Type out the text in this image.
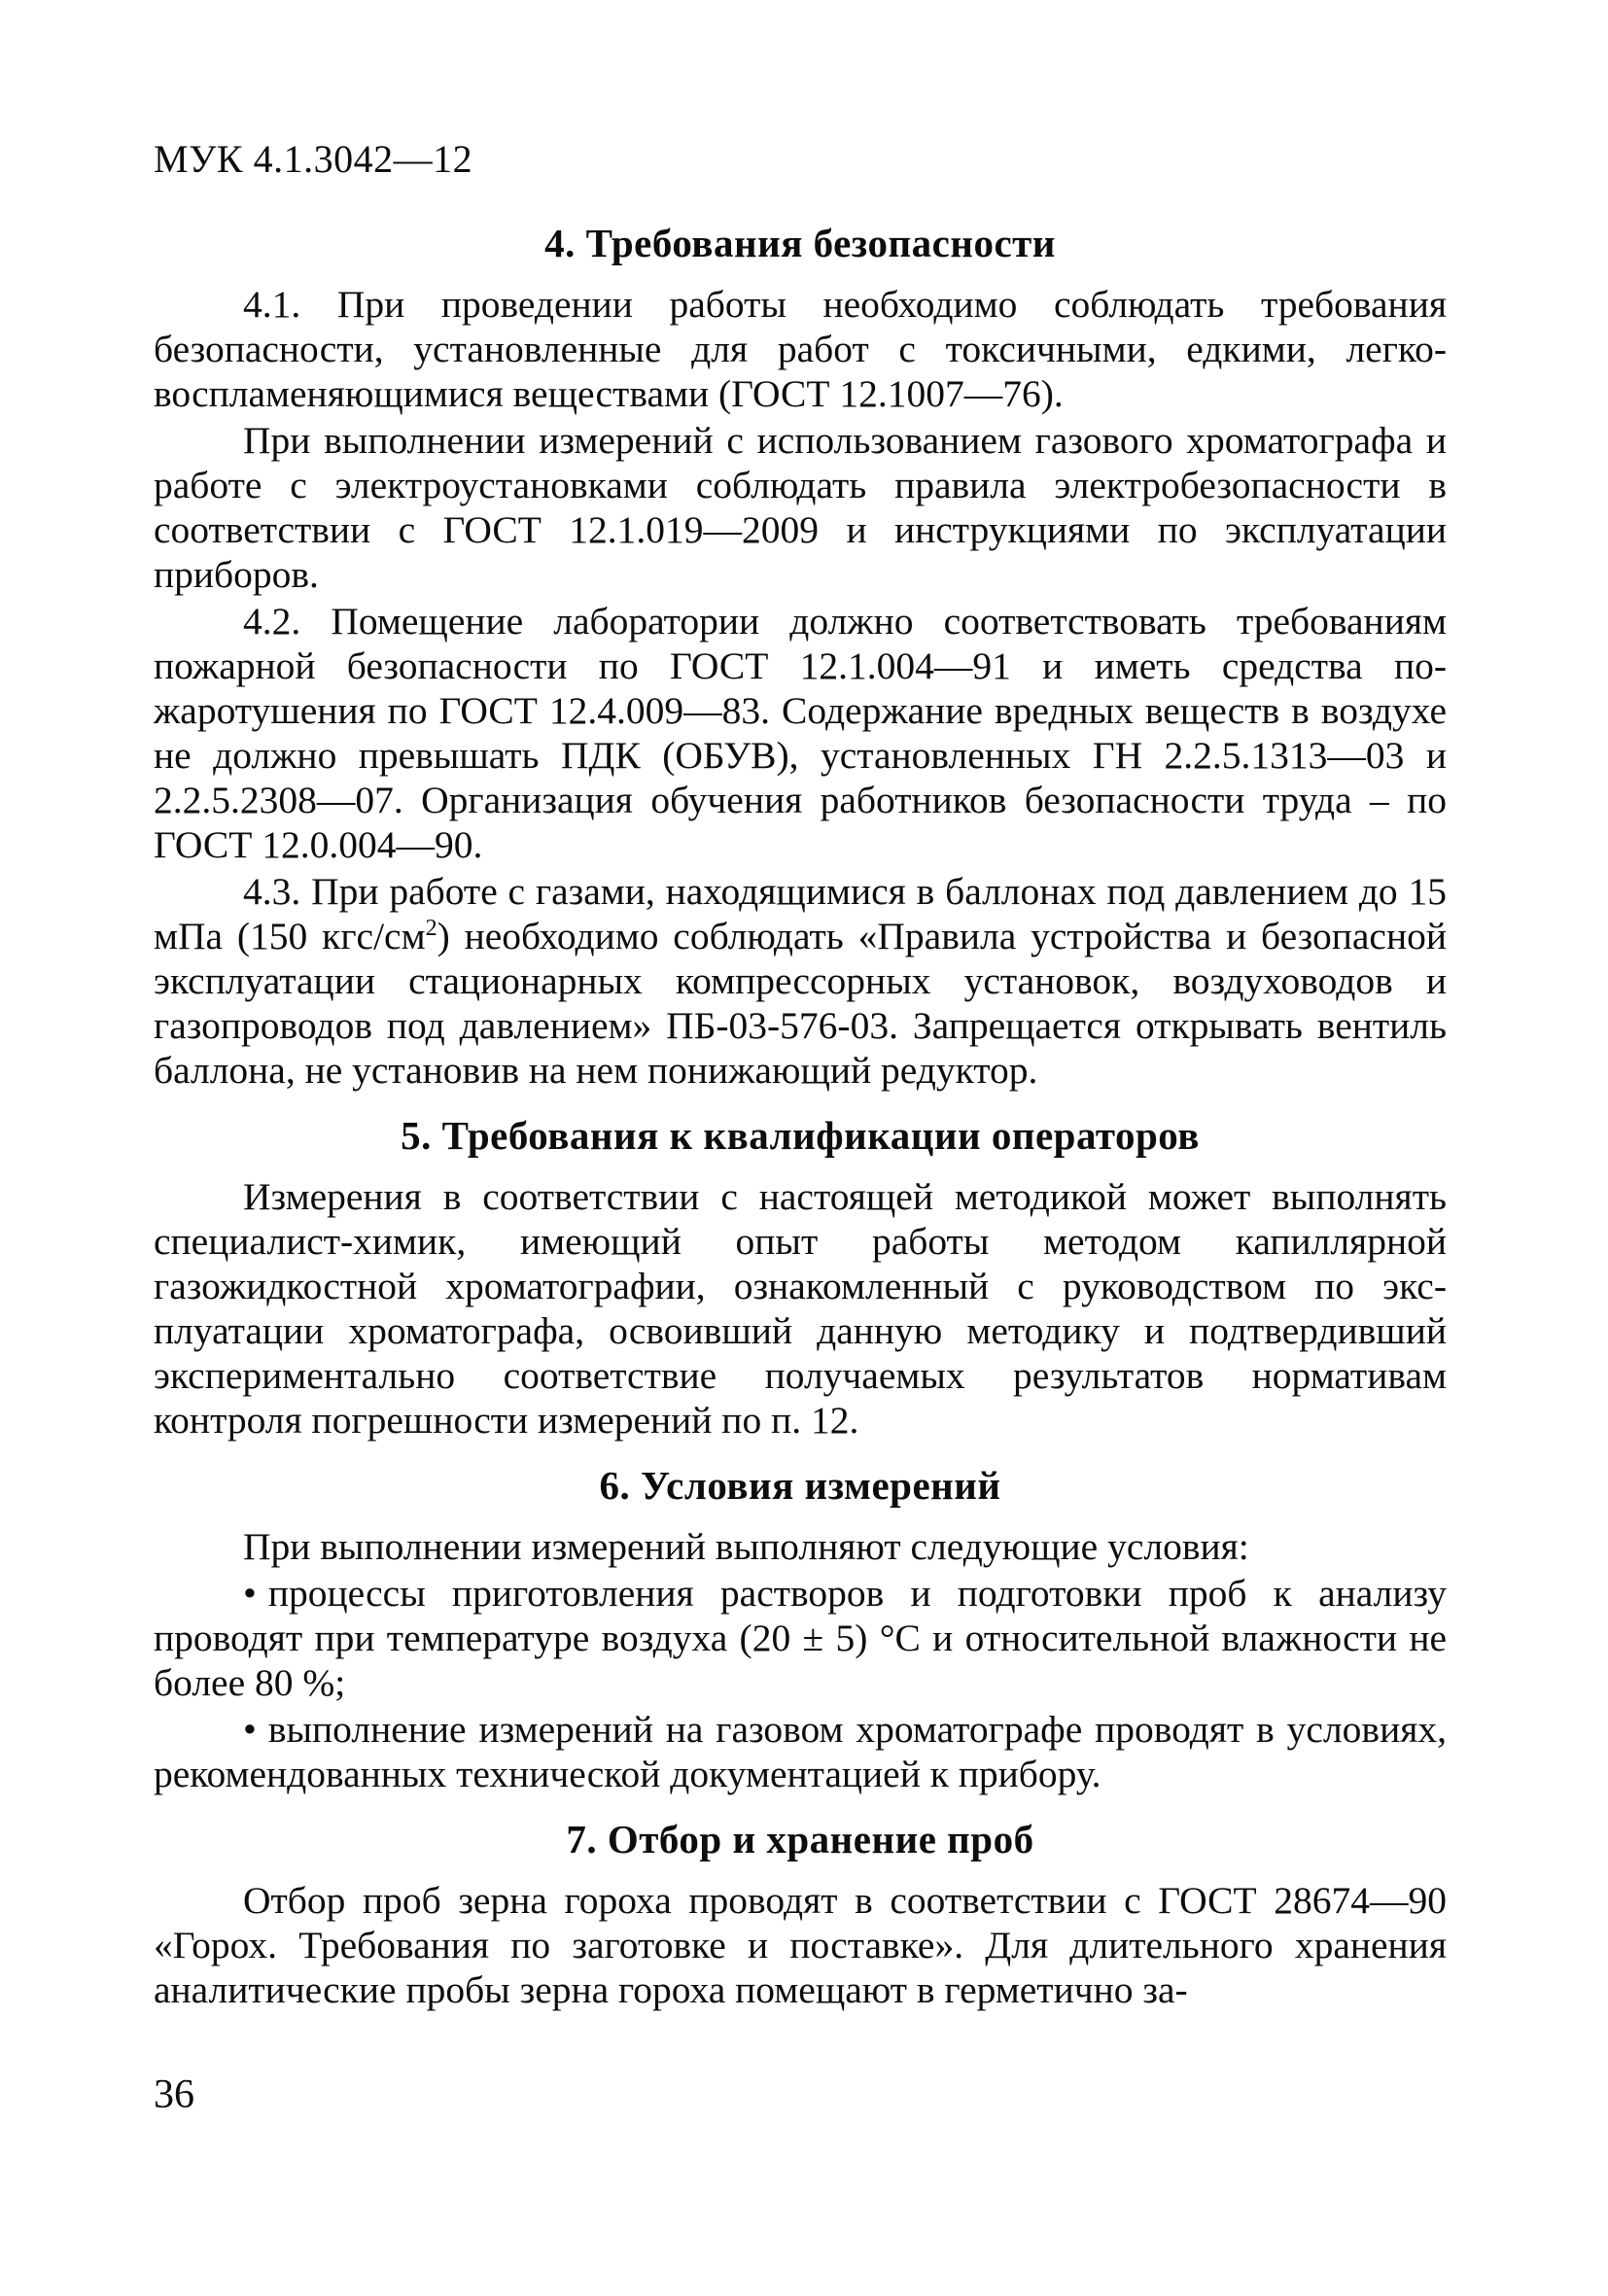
МУК 4.1.3042—12
4. Требования безопасности

4.1. При проведении работы необходимо соблюдать требования безопасности, установленные для работ с токсичными, едкими, легковоспламеняющимися веществами (ГОСТ 12.1007—76).

При выполнении измерений с использованием газового хроматографа и работе с электроустановками соблюдать правила электробезопасности в соответствии с ГОСТ 12.1.019—2009 и инструкциями по эксплуатации приборов.

4.2. Помещение лаборатории должно соответствовать требованиям пожарной безопасности по ГОСТ 12.1.004—91 и иметь средства пожаротушения по ГОСТ 12.4.009—83. Содержание вредных веществ в воздухе не должно превышать ПДК (ОБУВ), установленных ГН 2.2.5.1313—03 и 2.2.5.2308—07. Организация обучения работников безопасности труда – по ГОСТ 12.0.004—90.

4.3. При работе с газами, находящимися в баллонах под давлением до 15 мПа (150 кгс/$см^2$) необходимо соблюдать «Правила устройства и безопасной эксплуатации стационарных компрессорных установок, воздуховодов и газопроводов под давлением» ПБ-03-576-03. Запрещается открывать вентиль баллона, не установив на нем понижающий редуктор.

5. Требования к квалификации операторов

Измерения в соответствии с настоящей методикой может выполнять специалист-химик, имеющий опыт работы методом капиллярной газожидкостной хроматографии, ознакомленный с руководством по эксплуатации хроматографа, освоивший данную методику и подтвердивший экспериментально соответствие получаемых результатов нормативам контроля погрешности измерений по п. 12.

6. Условия измерений

При выполнении измерений выполняют следующие условия:

• процессы приготовления растворов и подготовки проб к анализу проводят при температуре воздуха (20 ± 5) °С и относительной влажности не более 80 %;

• выполнение измерений на газовом хроматографе проводят в условиях, рекомендованных технической документацией к прибору.

7. Отбор и хранение проб

Отбор проб зерна гороха проводят в соответствии с ГОСТ 28674—90 «Горох. Требования по заготовке и поставке». Для длительного хранения аналитические пробы зерна гороха помещают в герметично за-

36
